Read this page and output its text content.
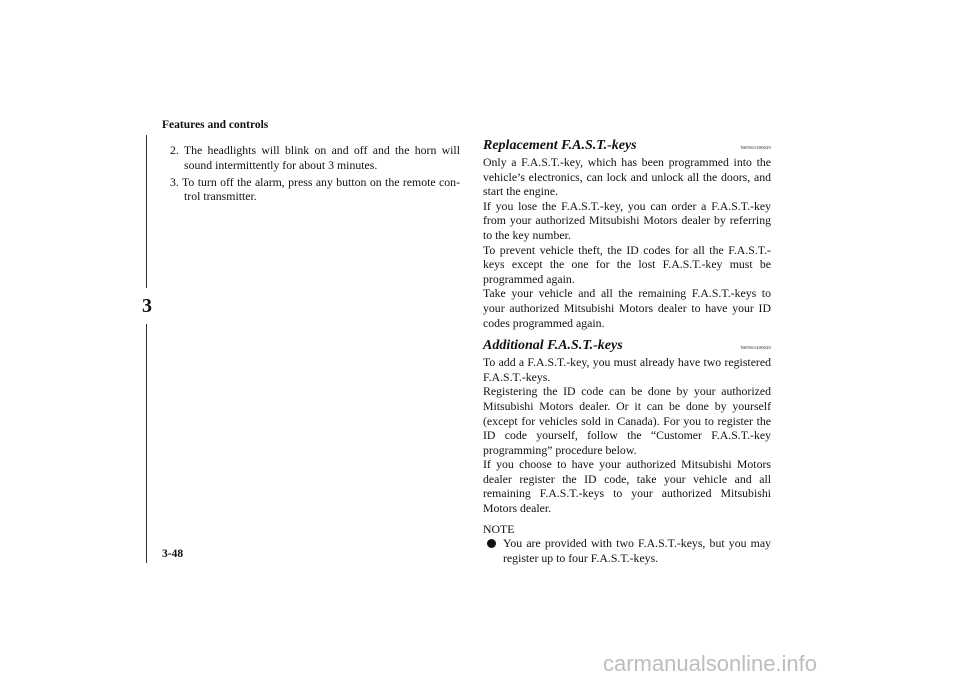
Features and controls
3

2. The headlights will blink on and off and the horn will sound intermittently for about 3 minutes.

3. To turn off the alarm, press any button on the remote con-trol transmitter.

Replacement F.A.S.T.-keys	N00561300029

Only a F.A.S.T.-key, which has been programmed into the vehicle’s electronics, can lock and unlock all the doors, and start the engine.

If you lose the F.A.S.T.-key, you can order a F.A.S.T.-key from your authorized Mitsubishi Motors dealer by referring to the key number.

To prevent vehicle theft, the ID codes for all the F.A.S.T.-keys except the one for the lost F.A.S.T.-key must be programmed again.

Take your vehicle and all the remaining F.A.S.T.-keys to your authorized Mitsubishi Motors dealer to have your ID codes programmed again.

Additional F.A.S.T.-keys	N00561400020

To add a F.A.S.T.-key, you must already have two registered F.A.S.T.-keys.

Registering the ID code can be done by your authorized Mitsubishi Motors dealer. Or it can be done by yourself (except for vehicles sold in Canada). For you to register the ID code yourself, follow the “Customer F.A.S.T.-key programming” procedure below.

If you choose to have your authorized Mitsubishi Motors dealer register the ID code, take your vehicle and all remaining F.A.S.T.-keys to your authorized Mitsubishi Motors dealer.

NOTE

You are provided with two F.A.S.T.-keys, but you may register up to four F.A.S.T.-keys.
3-48
carmanualsonline.info
